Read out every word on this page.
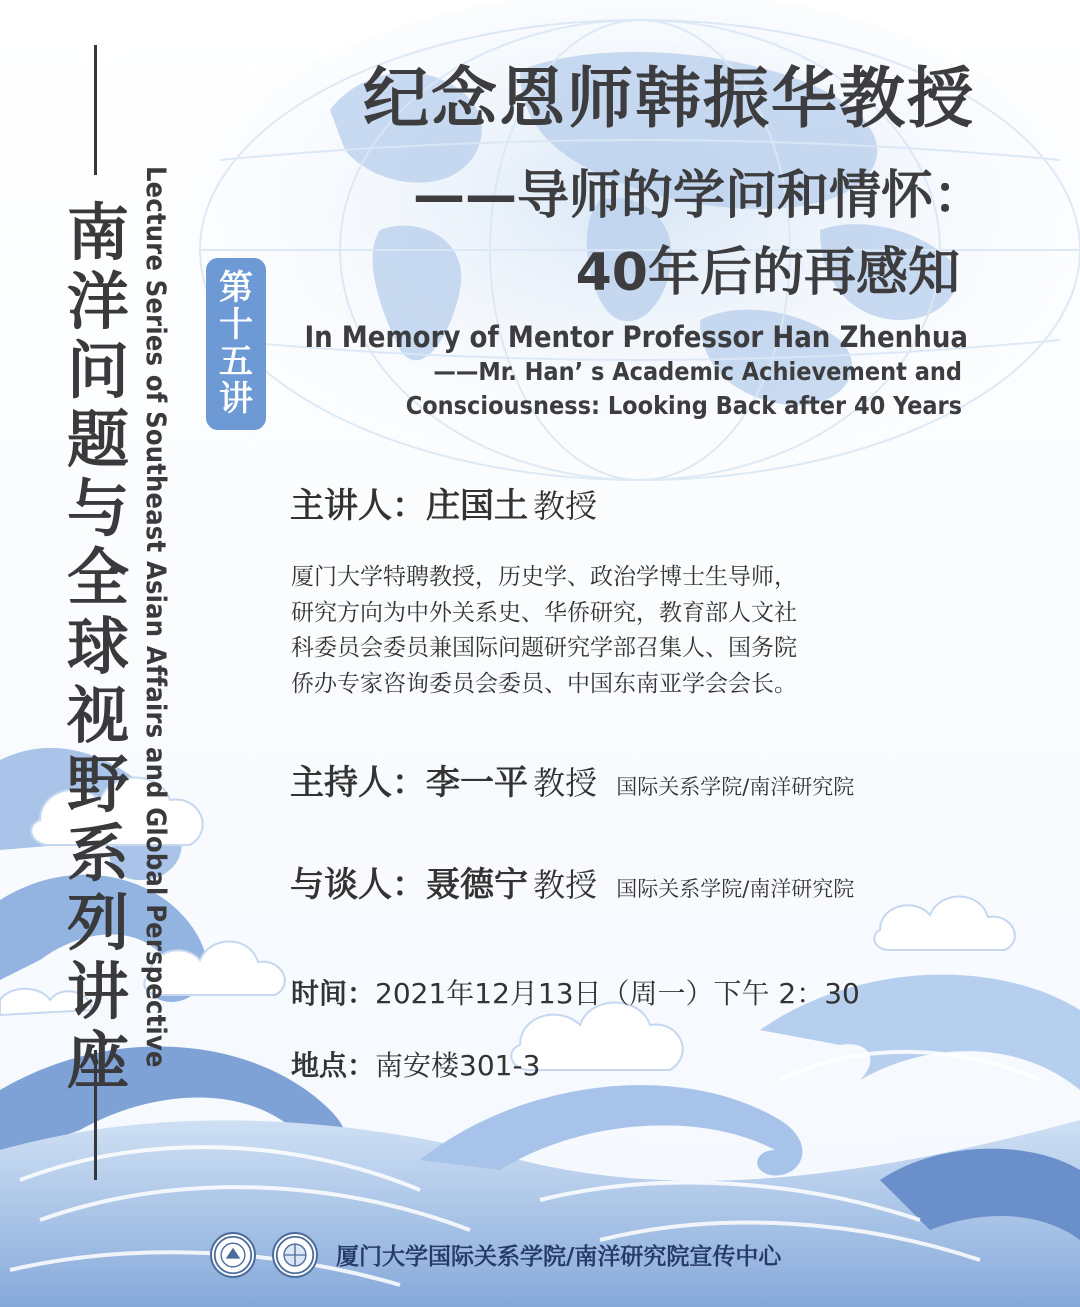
南洋问题与全球视野系列讲座 Lecture Series of Southeast Asian Affairs and Global Perspective	第十五讲
纪念恩师韩振华教授
——导师的学问和情怀：
40年后的再感知
In Memory of Mentor Professor Han Zhenhua
——Mr. Han’ s Academic Achievement and
Consciousness: Looking Back after 40 Years
主讲人：庄国土 教授
厦门大学特聘教授，历史学、政治学博士生导师，
研究方向为中外关系史、华侨研究，教育部人文社
科委员会委员兼国际问题研究学部召集人、国务院
侨办专家咨询委员会委员、中国东南亚学会会长。
主持人：李一平 教授 国际关系学院/南洋研究院
与谈人：聂德宁 教授 国际关系学院/南洋研究院
时间：2021年12月13日（周一）下午 2：30
地点：南安楼301-3
厦门大学国际关系学院/南洋研究院宣传中心
